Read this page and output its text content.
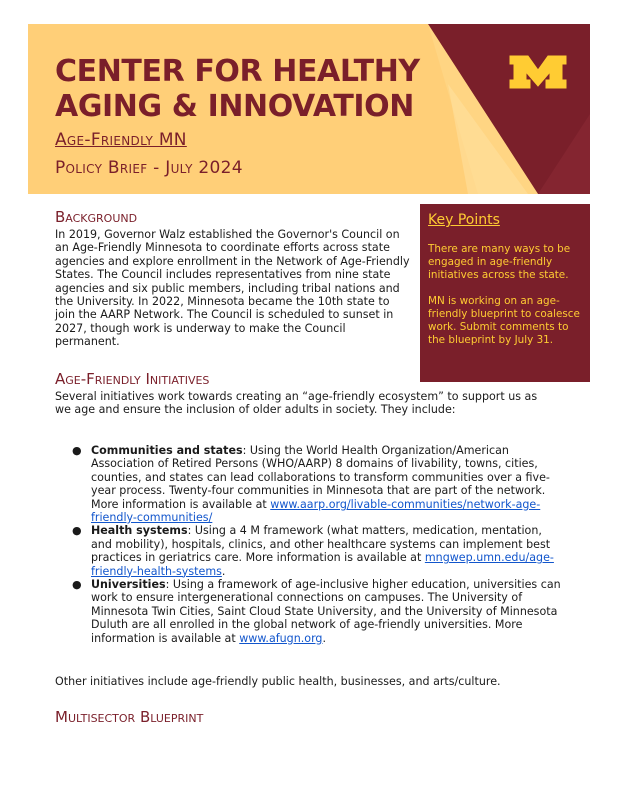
CENTER FOR HEALTHY
AGING & INNOVATION

Age-Friendly MN

Policy Brief - July 2024

Background

In 2019, Governor Walz established the Governor's Council on an Age-Friendly Minnesota to coordinate efforts across state agencies and explore enrollment in the Network of Age-Friendly States. The Council includes representatives from nine state agencies and six public members, including tribal nations and the University. In 2022, Minnesota became the 10th state to join the AARP Network. The Council is scheduled to sunset in 2027, though work is underway to make the Council permanent.

Key Points

There are many ways to be engaged in age-friendly initiatives across the state.

MN is working on an age-friendly blueprint to coalesce work. Submit comments to the blueprint by July 31.

Age-Friendly Initiatives

Several initiatives work towards creating an “age-friendly ecosystem” to support us as we age and ensure the inclusion of older adults in society. They include:

● Communities and states: Using the World Health Organization/American Association of Retired Persons (WHO/AARP) 8 domains of livability, towns, cities, counties, and states can lead collaborations to transform communities over a five-year process. Twenty-four communities in Minnesota that are part of the network. More information is available at www.aarp.org/livable-communities/network-age-friendly-communities/
● Health systems: Using a 4 M framework (what matters, medication, mentation, and mobility), hospitals, clinics, and other healthcare systems can implement best practices in geriatrics care. More information is available at mngwep.umn.edu/age-friendly-health-systems.
● Universities: Using a framework of age-inclusive higher education, universities can work to ensure intergenerational connections on campuses. The University of Minnesota Twin Cities, Saint Cloud State University, and the University of Minnesota Duluth are all enrolled in the global network of age-friendly universities. More information is available at www.afugn.org.

Other initiatives include age-friendly public health, businesses, and arts/culture.

Multisector Blueprint
